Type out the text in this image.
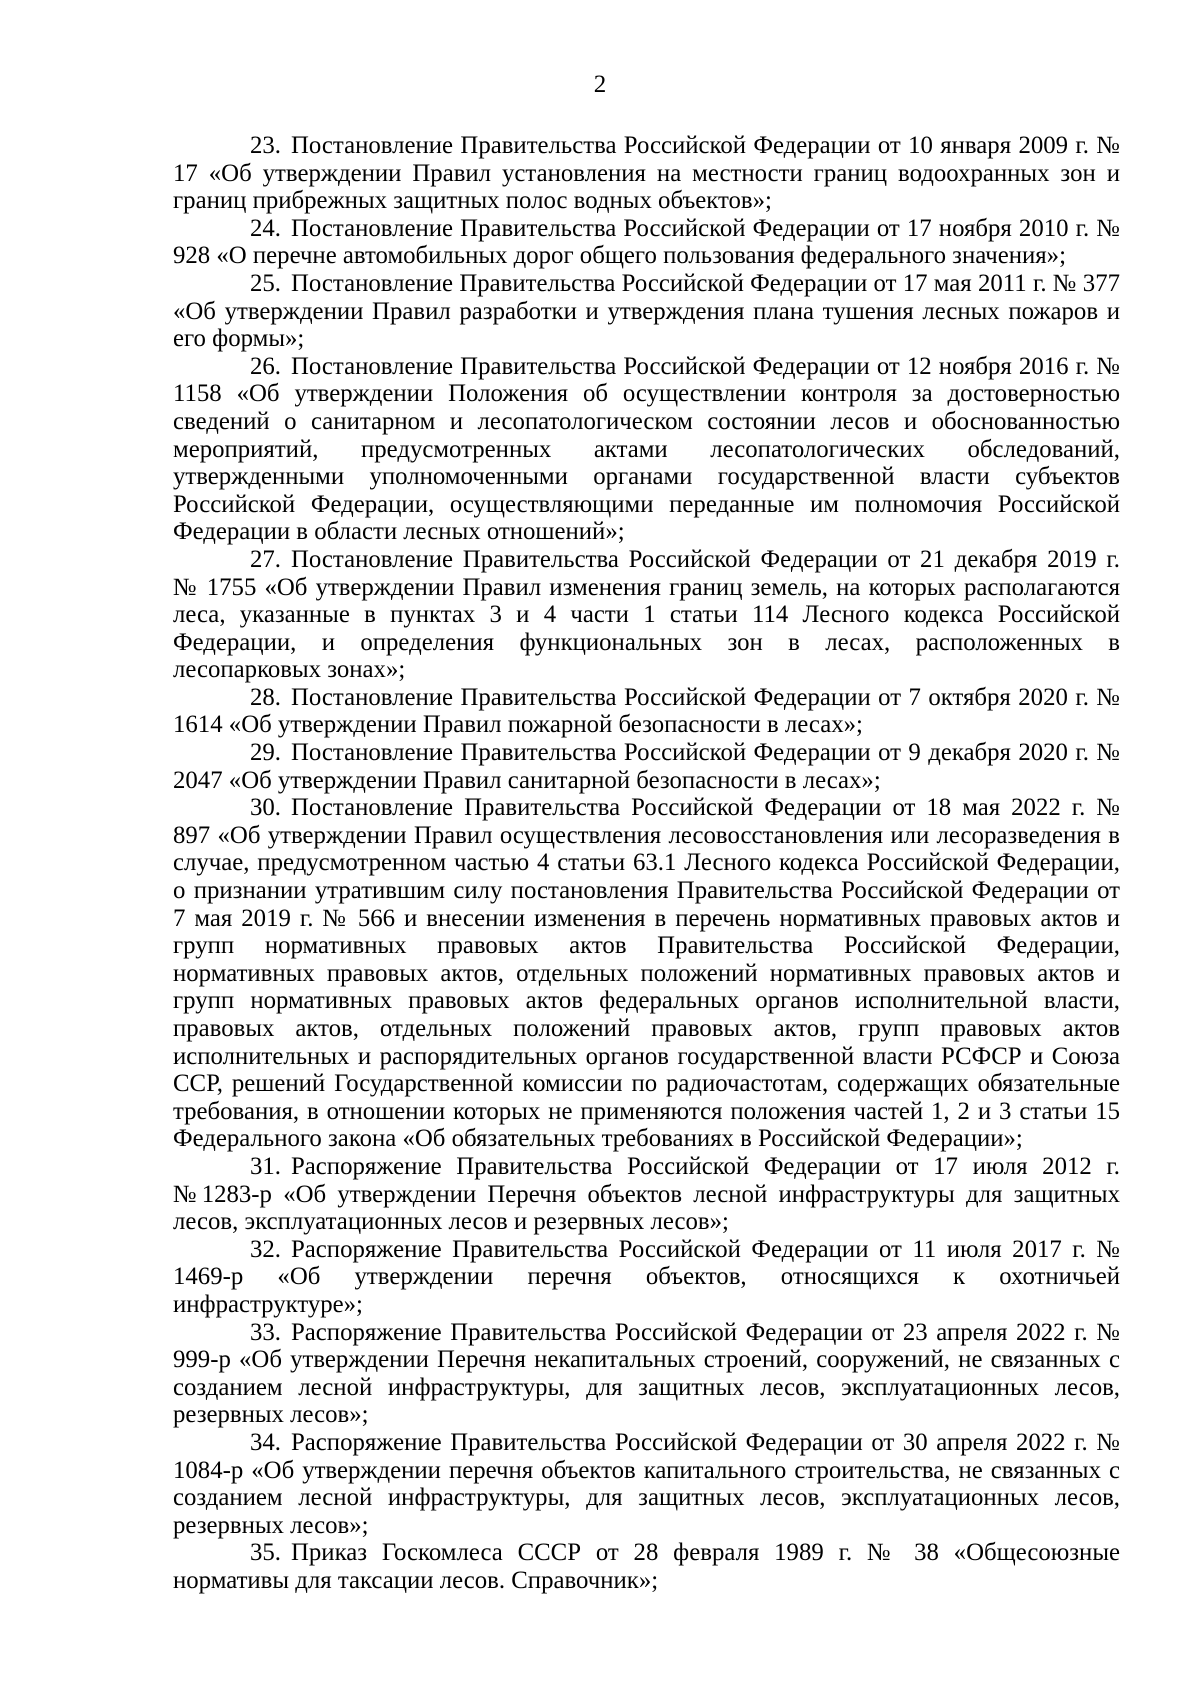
2

23. Постановление Правительства Российской Федерации от 10 января 2009 г. № 17 «Об утверждении Правил установления на местности границ водоохранных зон и границ прибрежных защитных полос водных объектов»;

24. Постановление Правительства Российской Федерации от 17 ноября 2010 г. № 928 «О перечне автомобильных дорог общего пользования федерального значения»;

25. Постановление Правительства Российской Федерации от 17 мая 2011 г. № 377 «Об утверждении Правил разработки и утверждения плана тушения лесных пожаров и его формы»;

26. Постановление Правительства Российской Федерации от 12 ноября 2016 г. № 1158 «Об утверждении Положения об осуществлении контроля за достоверностью сведений о санитарном и лесопатологическом состоянии лесов и обоснованностью мероприятий, предусмотренных актами лесопатологических обследований, утвержденными уполномоченными органами государственной власти субъектов Российской Федерации, осуществляющими переданные им полномочия Российской Федерации в области лесных отношений»;

27. Постановление Правительства Российской Федерации от 21 декабря 2019 г. № 1755 «Об утверждении Правил изменения границ земель, на которых располагаются леса, указанные в пунктах 3 и 4 части 1 статьи 114 Лесного кодекса Российской Федерации, и определения функциональных зон в лесах, расположенных в лесопарковых зонах»;

28. Постановление Правительства Российской Федерации от 7 октября 2020 г. № 1614 «Об утверждении Правил пожарной безопасности в лесах»;

29. Постановление Правительства Российской Федерации от 9 декабря 2020 г. № 2047 «Об утверждении Правил санитарной безопасности в лесах»;

30. Постановление Правительства Российской Федерации от 18 мая 2022 г. № 897 «Об утверждении Правил осуществления лесовосстановления или лесоразведения в случае, предусмотренном частью 4 статьи 63.1 Лесного кодекса Российской Федерации, о признании утратившим силу постановления Правительства Российской Федерации от 7 мая 2019 г. № 566 и внесении изменения в перечень нормативных правовых актов и групп нормативных правовых актов Правительства Российской Федерации, нормативных правовых актов, отдельных положений нормативных правовых актов и групп нормативных правовых актов федеральных органов исполнительной власти, правовых актов, отдельных положений правовых актов, групп правовых актов исполнительных и распорядительных органов государственной власти РСФСР и Союза ССР, решений Государственной комиссии по радиочастотам, содержащих обязательные требования, в отношении которых не применяются положения частей 1, 2 и 3 статьи 15 Федерального закона «Об обязательных требованиях в Российской Федерации»;

31. Распоряжение Правительства Российской Федерации от 17 июля 2012 г. №1283-р «Об утверждении Перечня объектов лесной инфраструктуры для защитных лесов, эксплуатационных лесов и резервных лесов»;

32. Распоряжение Правительства Российской Федерации от 11 июля 2017 г. № 1469-р «Об утверждении перечня объектов, относящихся к охотничьей инфраструктуре»;

33. Распоряжение Правительства Российской Федерации от 23 апреля 2022 г. № 999-р «Об утверждении Перечня некапитальных строений, сооружений, не связанных с созданием лесной инфраструктуры, для защитных лесов, эксплуатационных лесов, резервных лесов»;

34. Распоряжение Правительства Российской Федерации от 30 апреля 2022 г. № 1084-р «Об утверждении перечня объектов капитального строительства, не связанных с созданием лесной инфраструктуры, для защитных лесов, эксплуатационных лесов, резервных лесов»;

35. Приказ Госкомлеса СССР от 28 февраля 1989 г. № 38 «Общесоюзные нормативы для таксации лесов. Справочник»;
